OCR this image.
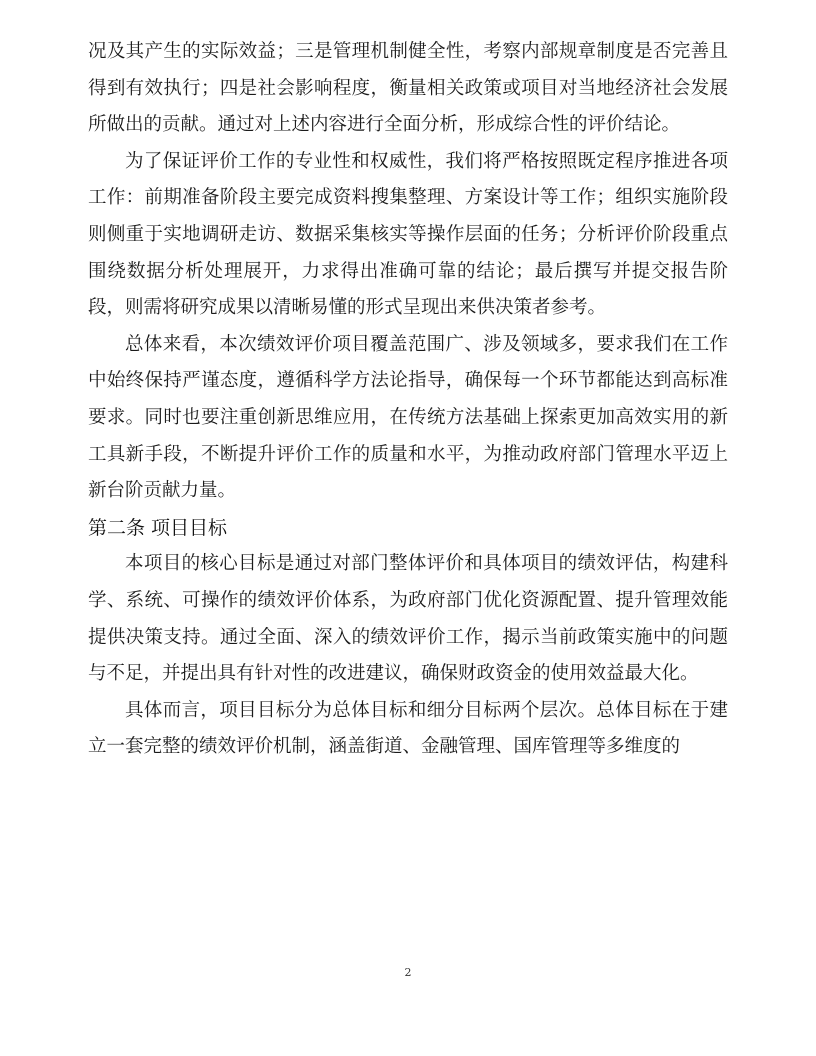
况及其产生的实际效益；三是管理机制健全性，考察内部规章制度是否完善且得到有效执行；四是社会影响程度，衡量相关政策或项目对当地经济社会发展所做出的贡献。通过对上述内容进行全面分析，形成综合性的评价结论。

为了保证评价工作的专业性和权威性，我们将严格按照既定程序推进各项工作：前期准备阶段主要完成资料搜集整理、方案设计等工作；组织实施阶段则侧重于实地调研走访、数据采集核实等操作层面的任务；分析评价阶段重点围绕数据分析处理展开，力求得出准确可靠的结论；最后撰写并提交报告阶段，则需将研究成果以清晰易懂的形式呈现出来供决策者参考。

总体来看，本次绩效评价项目覆盖范围广、涉及领域多，要求我们在工作中始终保持严谨态度，遵循科学方法论指导，确保每一个环节都能达到高标准要求。同时也要注重创新思维应用，在传统方法基础上探索更加高效实用的新工具新手段，不断提升评价工作的质量和水平，为推动政府部门管理水平迈上新台阶贡献力量。

第二条 项目目标

本项目的核心目标是通过对部门整体评价和具体项目的绩效评估，构建科学、系统、可操作的绩效评价体系，为政府部门优化资源配置、提升管理效能提供决策支持。通过全面、深入的绩效评价工作，揭示当前政策实施中的问题与不足，并提出具有针对性的改进建议，确保财政资金的使用效益最大化。

具体而言，项目目标分为总体目标和细分目标两个层次。总体目标在于建立一套完整的绩效评价机制，涵盖街道、金融管理、国库管理等多维度的

2
